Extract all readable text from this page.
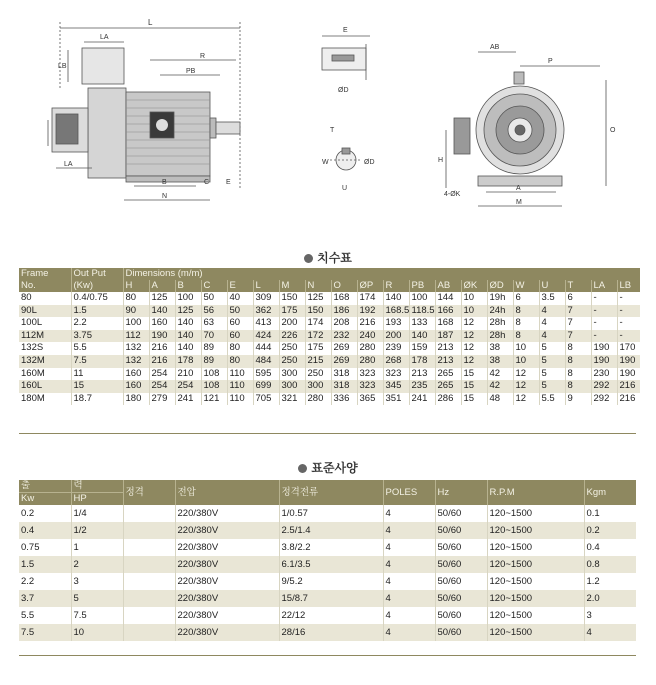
L
LA
LB
R
PB
LA
B	C E
N
E
ØD
T
W	ØD
U
AB
P
O
H
4-ØK
A
M
치수표
Frame	Out Put	Dimensions (m/m)																			
No.	(Kw)	H	A	B	C	E	L	M	N	O	ØP	R	PB	AB	ØK	ØD	W	U	T	LA	LB
80	0.4/0.75	80	125	100	50	40	309	150	125	168	174	140	100	144	10	19h	6	3.5	6	-	-
90L	1.5	90	140	125	56	50	362	175	150	186	192	168.5	118.5	166	10	24h	8	4	7	-	-
100L	2.2	100	160	140	63	60	413	200	174	208	216	193	133	168	12	28h	8	4	7	-	-
112M	3.75	112	190	140	70	60	424	226	172	232	240	200	140	187	12	28h	8	4	7	-	-
132S	5.5	132	216	140	89	80	444	250	175	269	280	239	159	213	12	38	10	5	8	190	170
132M	7.5	132	216	178	89	80	484	250	215	269	280	268	178	213	12	38	10	5	8	190	190
160M	11	160	254	210	108	110	595	300	250	318	323	323	213	265	15	42	12	5	8	230	190
160L	15	160	254	254	108	110	699	300	300	318	323	345	235	265	15	42	12	5	8	292	216
180M	18.7	180	279	241	121	110	705	321	280	336	365	351	241	286	15	48	12	5.5	9	292	216
표준사양
출	력	정격	전압	정격전류	POLES	Hz	R.P.M	Kgm
Kw	HP							
0.2	1/4		220/380V	1/0.57	4	50/60	120~1500	0.1
0.4	1/2		220/380V	2.5/1.4	4	50/60	120~1500	0.2
0.75	1		220/380V	3.8/2.2	4	50/60	120~1500	0.4
1.5	2		220/380V	6.1/3.5	4	50/60	120~1500	0.8
2.2	3		220/380V	9/5.2	4	50/60	120~1500	1.2
3.7	5		220/380V	15/8.7	4	50/60	120~1500	2.0
5.5	7.5		220/380V	22/12	4	50/60	120~1500	3
7.5	10		220/380V	28/16	4	50/60	120~1500	4
